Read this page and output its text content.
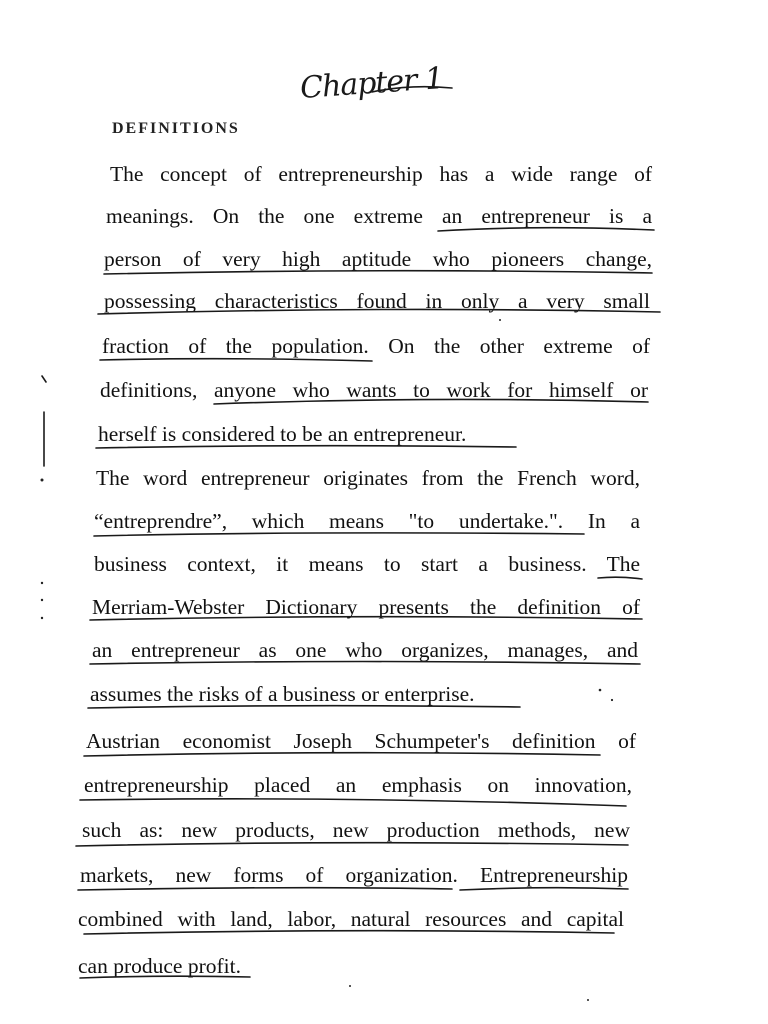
Chapter 1
DEFINITIONS
The concept of entrepreneurship has a wide range of
meanings. On the one extreme an entrepreneur is a
person of very high aptitude who pioneers change,
possessing characteristics found in only a very small
fraction of the population. On the other extreme of
definitions, anyone who wants to work for himself or
herself is considered to be an entrepreneur.
The word entrepreneur originates from the French word,
“entreprendre”, which means "to undertake.". In a
business context, it means to start a business. The
Merriam-Webster Dictionary presents the definition of
an entrepreneur as one who organizes, manages, and
assumes the risks of a business or enterprise.
Austrian economist Joseph Schumpeter's definition of
entrepreneurship placed an emphasis on innovation,
such as: new products, new production methods, new
markets, new forms of organization. Entrepreneurship
combined with land, labor, natural resources and capital
can produce profit.
